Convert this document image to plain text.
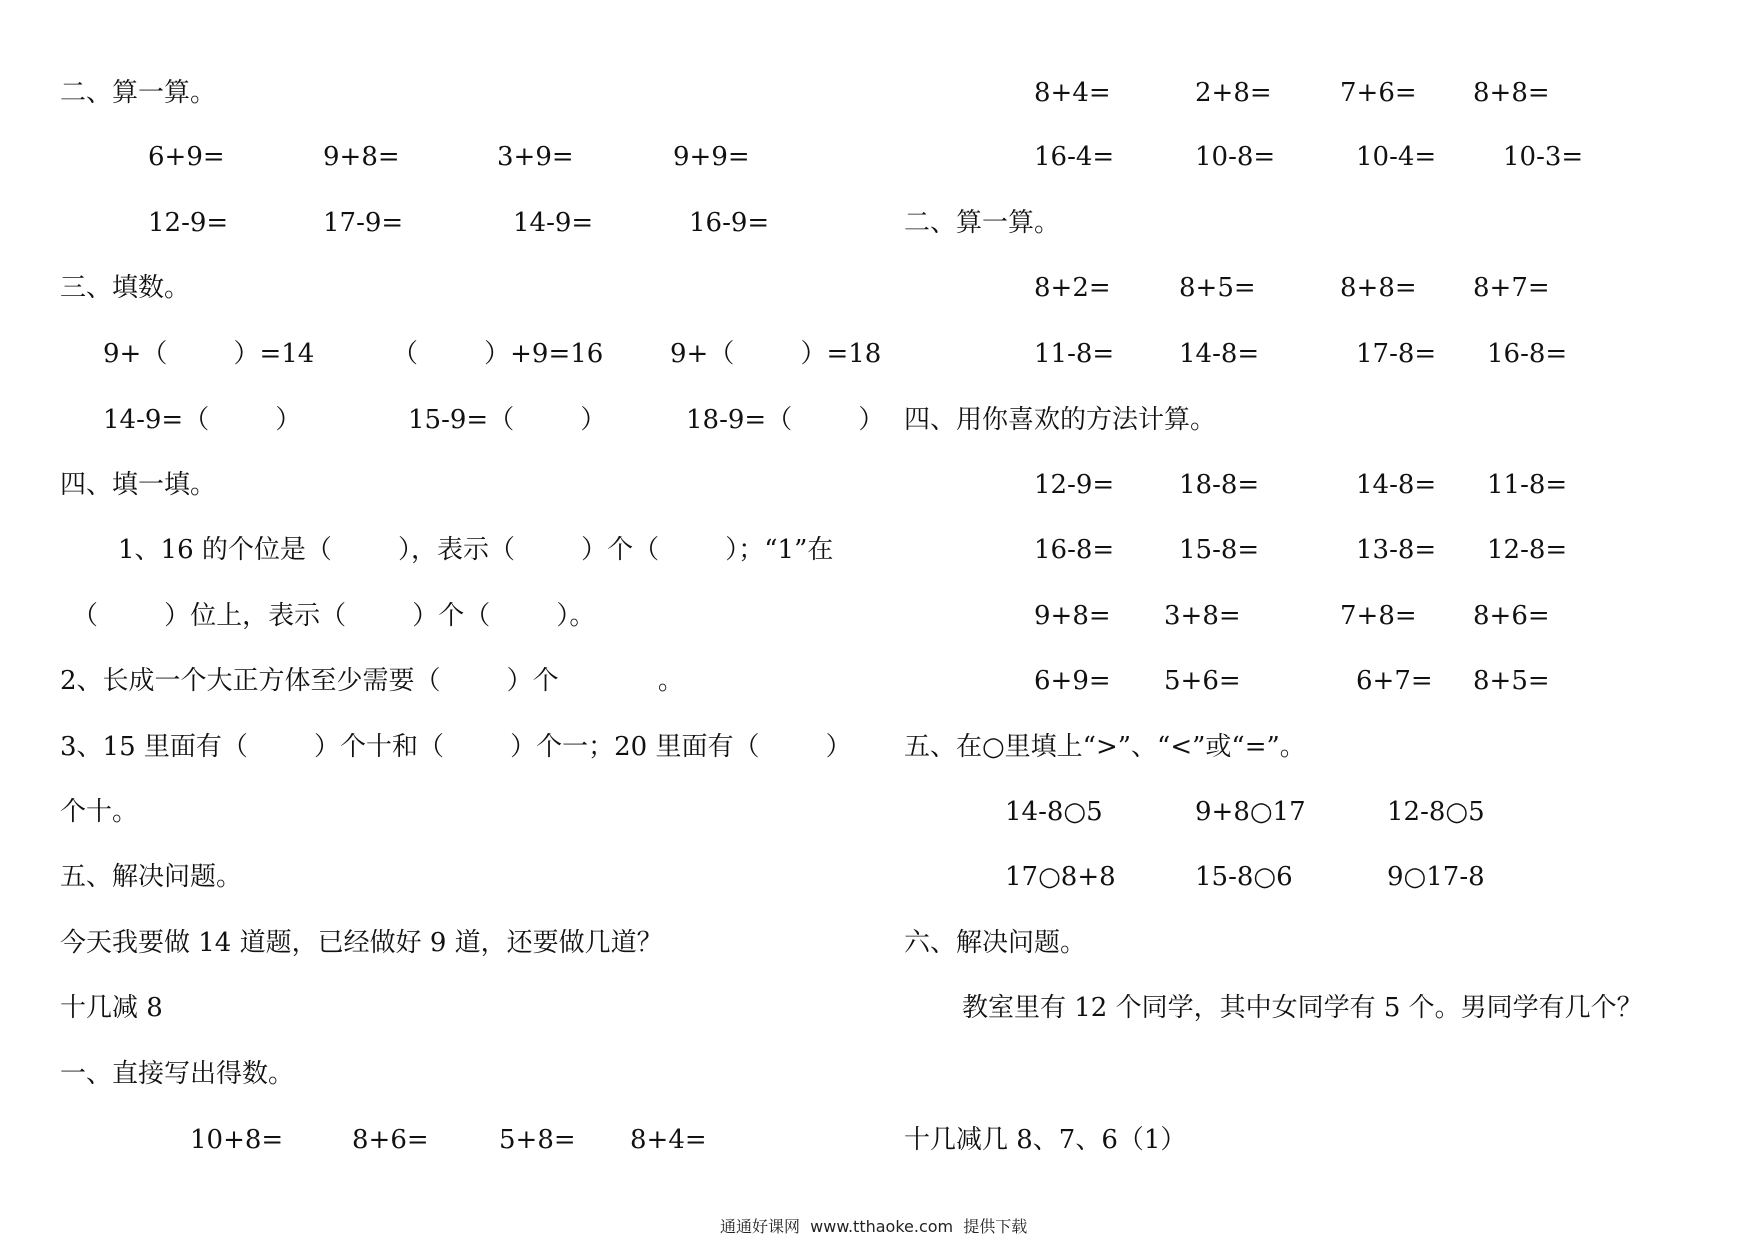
二、算一算。
6+9=	9+8=	3+9=	9+9=
12-9=	17-9=	14-9=	16-9=
三、填数。
9+（        ）=14	（        ）+9=16	9+（        ）=18
14-9=（        ）	15-9=（        ）	18-9=（        ）
四、填一填。
1、16 的个位是（        ），表示（        ）个（        ）；“1”在
（        ）位上，表示（        ）个（        ）。
2、长成一个大正方体至少需要（        ）个            。
3、15 里面有（        ）个十和（        ）个一；20 里面有（        ）
个十。
五、解决问题。
今天我要做 14 道题，已经做好 9 道，还要做几道？
十几减 8
一、直接写出得数。
10+8=	8+6=	5+8= 8+4=
8+4=	2+8=	7+6= 8+8=
16-4=	10-8=	10-4=	10-3=
二、算一算。
8+2=	8+5=	8+8= 8+7=
11-8= 14-8=	17-8= 16-8=
四、用你喜欢的方法计算。
12-9= 18-8=	14-8= 11-8=
16-8= 15-8=	13-8= 12-8=
9+8= 3+8=	7+8= 8+6=
6+9= 5+6=	6+7= 8+5=
五、在○里填上“>”、“<”或“=”。
14-8○5	9+8○17	12-8○5
17○8+8	15-8○6	9○17-8
六、解决问题。
教室里有 12 个同学，其中女同学有 5 个。男同学有几个？
十几减几 8、7、6（1）
通通好课网  www.tthaoke.com  提供下载
